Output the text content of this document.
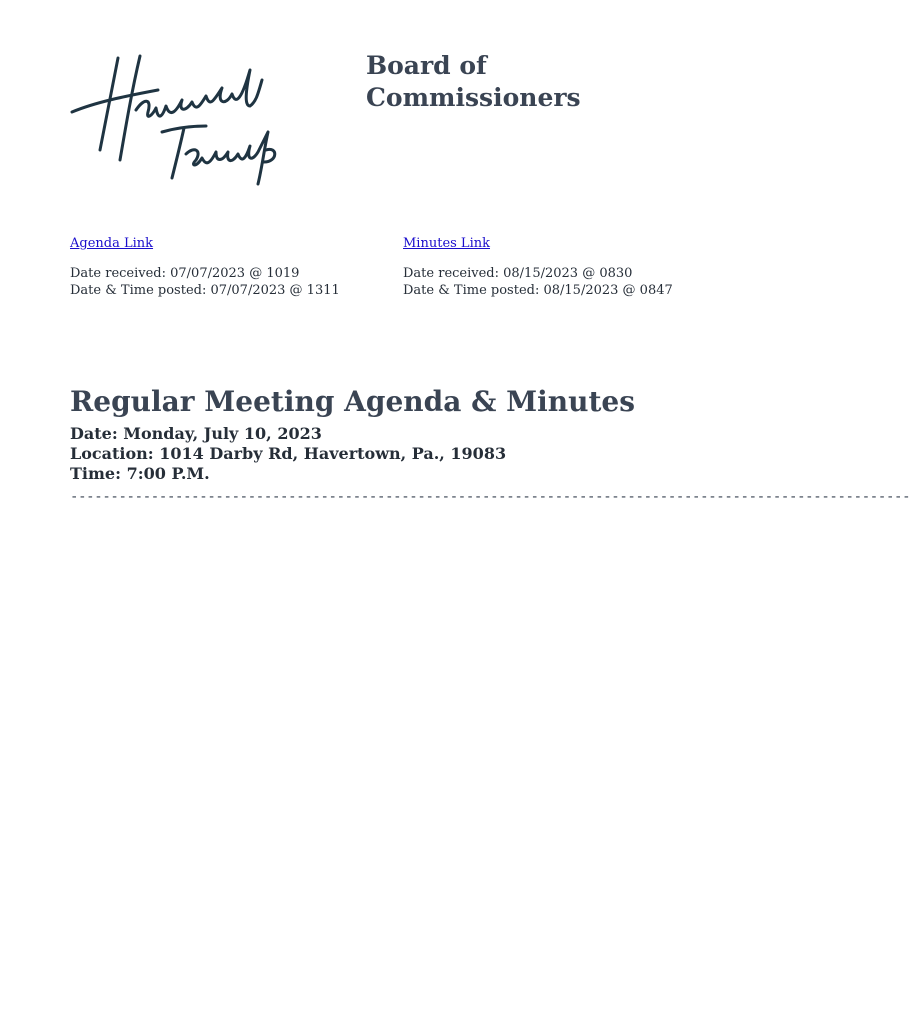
Board of Commissioners
Agenda Link
Date received: 07/07/2023 @ 1019
Date & Time posted: 07/07/2023 @ 1311
Minutes Link
Date received: 08/15/2023 @ 0830
Date & Time posted: 08/15/2023 @ 0847
Regular Meeting Agenda & Minutes
Date: Monday, July 10, 2023
Location: 1014 Darby Rd, Havertown, Pa., 19083
Time: 7:00 P.M.
--------------------------------------------------------------------------------------------------------
